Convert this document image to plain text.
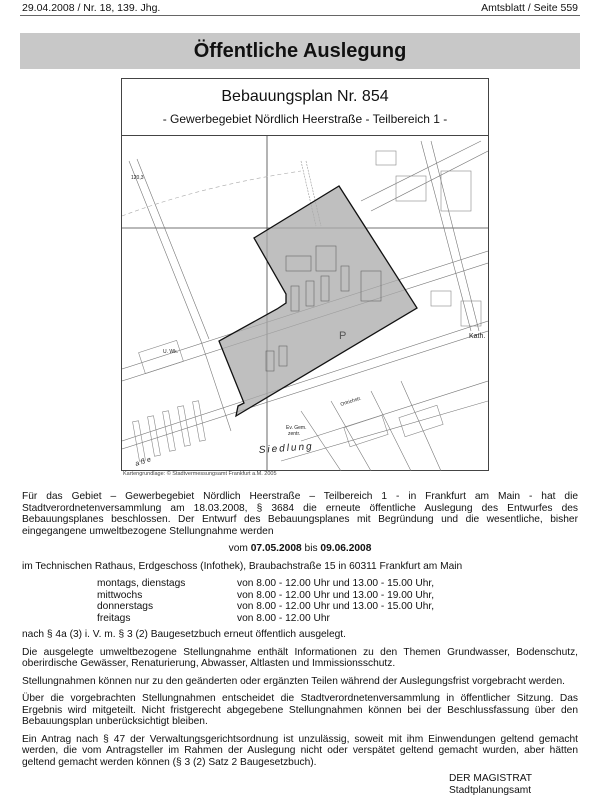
29.04.2008 / Nr. 18, 139. Jhg.	Amtsblatt / Seite 559
Öffentliche Auslegung
Bebauungsplan Nr. 854
- Gewerbegebiet Nördlich Heerstraße - Teilbereich 1 -
120,3
U. Wk.
P	Kath.
Ev. Gem.
zentr.
Siedlung
Ortrichstr.
aße
Kartengrundlage: © Stadtvermessungsamt Frankfurt a.M. 2005

Für das Gebiet – Gewerbegebiet Nördlich Heerstraße – Teilbereich 1 - in Frankfurt am Main - hat die Stadtverordnetenversammlung am 18.03.2008, § 3684 die erneute öffentliche Auslegung des Entwurfes des Bebauungsplanes beschlossen. Der Entwurf des Bebauungsplanes mit Begründung und die wesentliche, bisher eingegangene umweltbezogene Stellungnahme werden

vom 07.05.2008 bis 09.06.2008

im Technischen Rathaus, Erdgeschoss (Infothek), Braubachstraße 15 in 60311 Frankfurt am Main

montags, dienstags	von 8.00 - 12.00 Uhr und 13.00 - 15.00 Uhr,
mittwochs	von 8.00 - 12.00 Uhr und 13.00 - 19.00 Uhr,
donnerstags	von 8.00 - 12.00 Uhr und 13.00 - 15.00 Uhr,
freitags	von 8.00 - 12.00 Uhr

nach § 4a (3) i. V. m. § 3 (2) Baugesetzbuch erneut öffentlich ausgelegt.

Die ausgelegte umweltbezogene Stellungnahme enthält Informationen zu den Themen Grundwasser, Bodenschutz, oberirdische Gewässer, Renaturierung, Abwasser, Altlasten und Immissionsschutz.

Stellungnahmen können nur zu den geänderten oder ergänzten Teilen während der Auslegungsfrist vorgebracht werden.

Über die vorgebrachten Stellungnahmen entscheidet die Stadtverordnetenversammlung in öffentlicher Sitzung. Das Ergebnis wird mitgeteilt. Nicht fristgerecht abgegebene Stellungnahmen können bei der Beschlussfassung über den Bebauungsplan unberücksichtigt bleiben.

Ein Antrag nach § 47 der Verwaltungsgerichtsordnung ist unzulässig, soweit mit ihm Einwendungen geltend gemacht werden, die vom Antragsteller im Rahmen der Auslegung nicht oder verspätet geltend gemacht wurden, aber hätten geltend gemacht werden können (§ 3 (2) Satz 2 Baugesetzbuch).

DER MAGISTRAT
Stadtplanungsamt
